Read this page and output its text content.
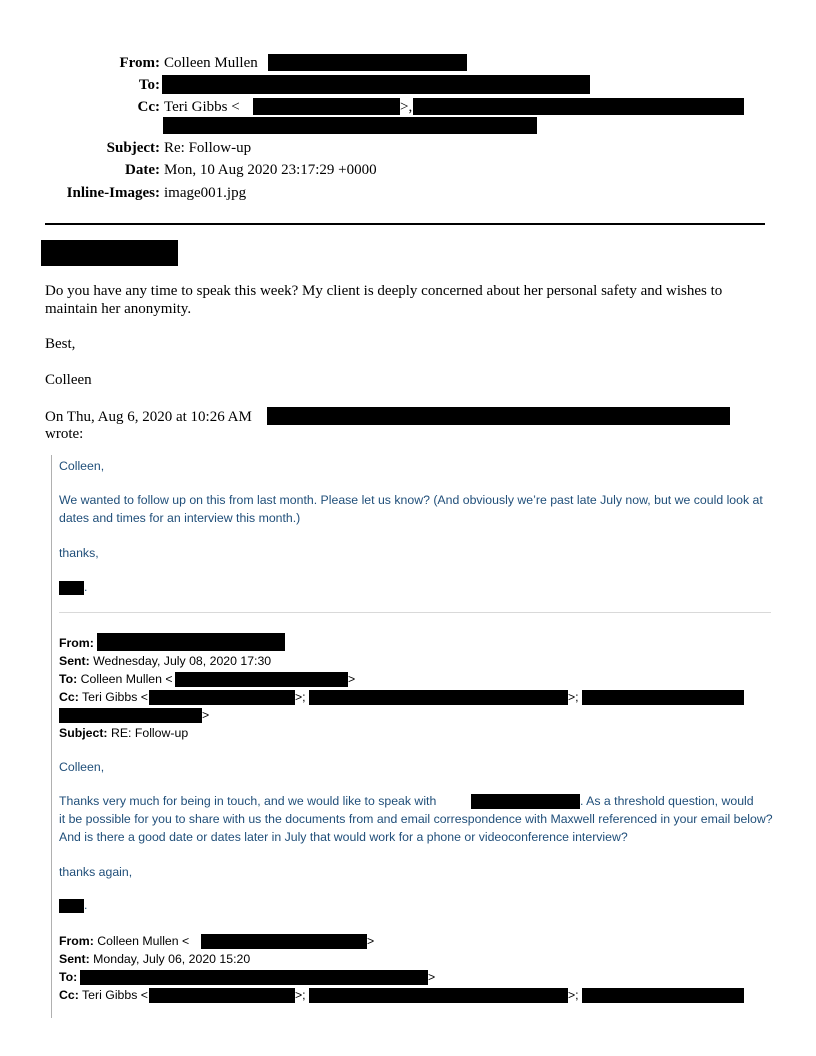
From: Colleen Mullen
To:
Cc: Teri Gibbs <	>,
Subject: Re: Follow-up
Date: Mon, 10 Aug 2020 23:17:29 +0000
Inline-Images: image001.jpg
Do you have any time to speak this week? My client is deeply concerned about her personal safety and wishes to maintain her anonymity.
Best,
Colleen
On Thu, Aug 6, 2020 at 10:26 AM
wrote:
Colleen,
We wanted to follow up on this from last month. Please let us know? (And obviously we’re past late July now, but we could look at dates and times for an interview this month.)
thanks,
.
From:
Sent: Wednesday, July 08, 2020 17:30
To: Colleen Mullen <	>
Cc: Teri Gibbs <	>;	>;
>
Subject: RE: Follow-up
Colleen,
Thanks very much for being in touch, and we would like to speak with	. As a threshold question, would
it be possible for you to share with us the documents from and email correspondence with Maxwell referenced in your email below? And is there a good date or dates later in July that would work for a phone or videoconference interview?
thanks again,
.
From: Colleen Mullen <	>
Sent: Monday, July 06, 2020 15:20
To:	>
Cc: Teri Gibbs <	>;	>;
